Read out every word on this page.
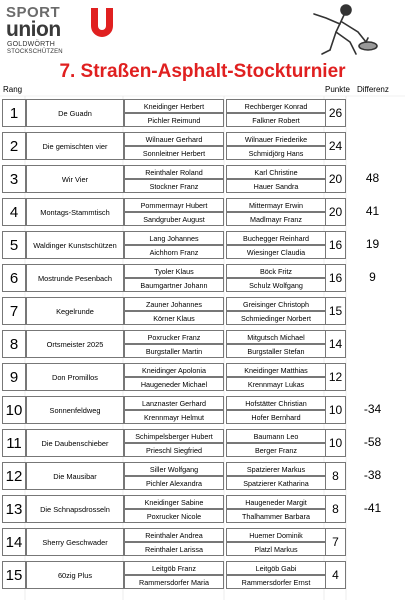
SPORT
union
GOLDWÖRTH
STOCKSCHÜTZEN
7. Straßen-Asphalt-Stockturnier
Rang	Punkte Differenz
1	De Guadn
Kneidinger Herbert	Rechberger Konrad
Pichler Reimund	Falkner Robert	26
2	Die gemischten vier
Wilnauer Gerhard	Wilnauer Friederike
Sonnleitner Herbert	Schmidjörg Hans	24
3	Wir Vier
Reinthaler Roland	Karl Christine
Stockner Franz	Hauer Sandra	20	48
4	Montags-Stammtisch
Pommermayr Hubert	Mittermayr Erwin
Sandgruber August	Madlmayr Franz	20	41
5	Waldinger Kunstschützen
Lang Johannes	Buchegger Reinhard
Aichhorn Franz	Wiesinger Claudia	16	19
6	Mostrunde Pesenbach
Tyoler Klaus	Böck Fritz
Baumgartner Johann	Schulz Wolfgang	16	9
7	Kegelrunde
Zauner Johannes	Greisinger Christoph
Körner Klaus	Schmiedinger Norbert	15
8	Ortsmeister 2025
Poxrucker Franz	Mitgutsch Michael
Burgstaller Martin	Burgstaller Stefan	14
9	Don Promillos
Kneidinger Apolonia	Kneidinger Matthias
Haugeneder Michael	Krennmayr Lukas	12
10	Sonnenfeldweg
Lanznaster Gerhard	Hofstätter Christian
Krennmayr Helmut	Hofer Bernhard	10	-34
11	Die Daubenschieber
Schimpelsberger Hubert	Baumann Leo
Prieschl Siegfried	Berger Franz	10	-58
12	Die Mausibar
Siller Wolfgang	Spatzierer Markus
Pichler Alexandra	Spatzierer Katharina	8	-38
13	Die Schnapsdrosseln
Kneidinger Sabine	Haugeneder Margit
Poxrucker Nicole	Thalhammer Barbara	8	-41
14	Sherry Geschwader
Reinthaler Andrea	Huemer Dominik
Reinthaler Larissa	Platzl Markus	7
15	60zig Plus
Leitgöb Franz	Leitgöb Gabi
Rammersdorfer Maria	Rammersdorfer Ernst	4
